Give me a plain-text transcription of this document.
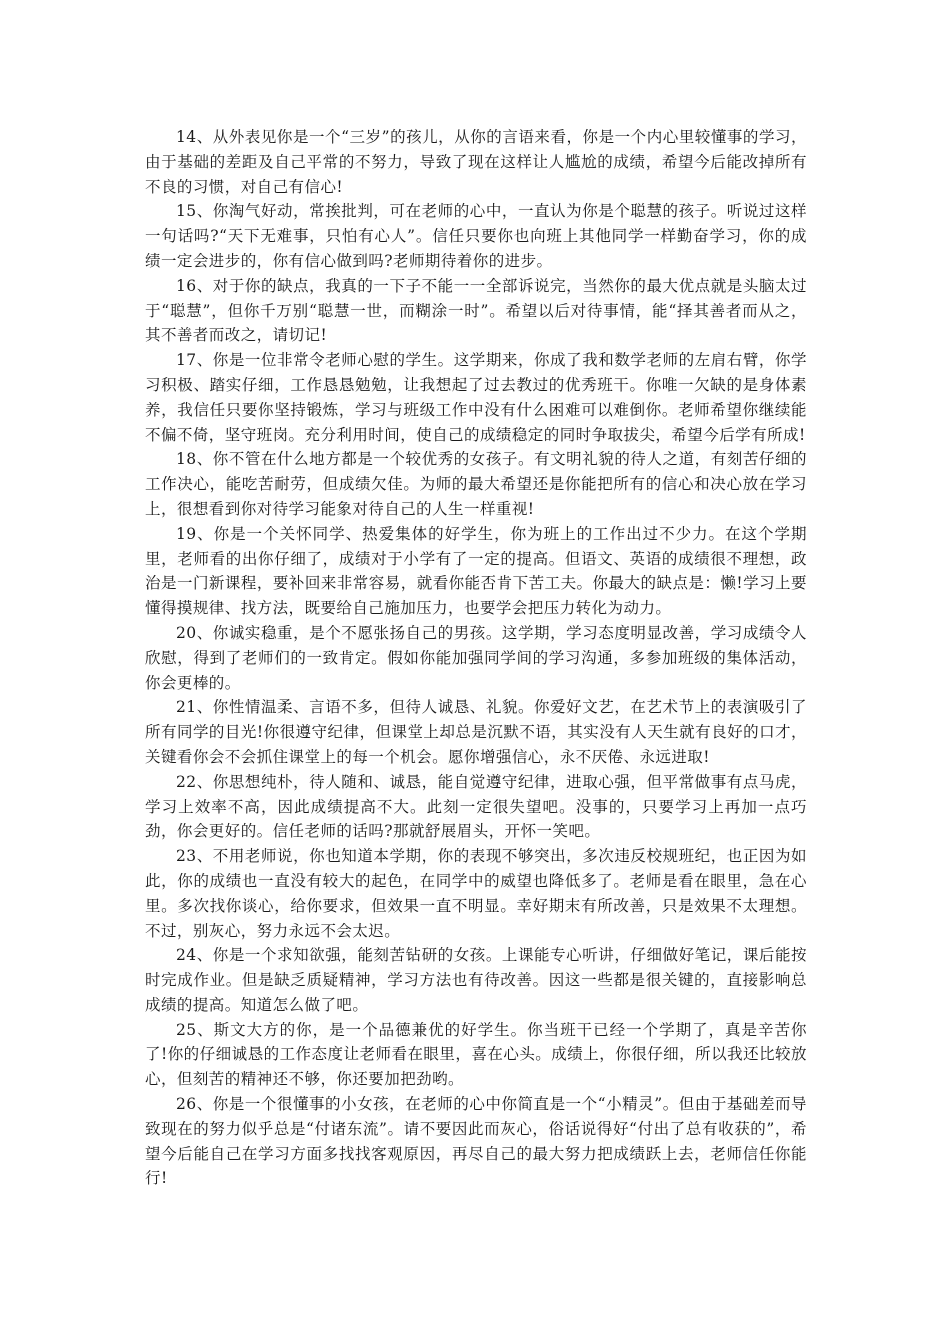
14、从外表见你是一个“三岁”的孩儿，从你的言语来看，你是一个内心里较懂事的学习，由于基础的差距及自己平常的不努力，导致了现在这样让人尴尬的成绩，希望今后能改掉所有不良的习惯，对自己有信心!

15、你淘气好动，常挨批判，可在老师的心中，一直认为你是个聪慧的孩子。听说过这样一句话吗?“天下无难事，只怕有心人”。信任只要你也向班上其他同学一样勤奋学习，你的成绩一定会进步的，你有信心做到吗?老师期待着你的进步。

16、对于你的缺点，我真的一下子不能一一全部诉说完，当然你的最大优点就是头脑太过于“聪慧”，但你千万别“聪慧一世，而糊涂一时”。希望以后对待事情，能“择其善者而从之，其不善者而改之，请切记!

17、你是一位非常令老师心慰的学生。这学期来，你成了我和数学老师的左肩右臂，你学习积极、踏实仔细，工作恳恳勉勉，让我想起了过去教过的优秀班干。你唯一欠缺的是身体素养，我信任只要你坚持锻炼，学习与班级工作中没有什么困难可以难倒你。老师希望你继续能不偏不倚，坚守班岗。充分利用时间，使自己的成绩稳定的同时争取拔尖，希望今后学有所成!

18、你不管在什么地方都是一个较优秀的女孩子。有文明礼貌的待人之道，有刻苦仔细的工作决心，能吃苦耐劳，但成绩欠佳。为师的最大希望还是你能把所有的信心和决心放在学习上，很想看到你对待学习能象对待自己的人生一样重视!

19、你是一个关怀同学、热爱集体的好学生，你为班上的工作出过不少力。在这个学期里，老师看的出你仔细了，成绩对于小学有了一定的提高。但语文、英语的成绩很不理想，政治是一门新课程，要补回来非常容易，就看你能否肯下苦工夫。你最大的缺点是：懒!学习上要懂得摸规律、找方法，既要给自己施加压力，也要学会把压力转化为动力。

20、你诚实稳重，是个不愿张扬自己的男孩。这学期，学习态度明显改善，学习成绩令人欣慰，得到了老师们的一致肯定。假如你能加强同学间的学习沟通，多参加班级的集体活动，你会更棒的。

21、你性情温柔、言语不多，但待人诚恳、礼貌。你爱好文艺，在艺术节上的表演吸引了所有同学的目光!你很遵守纪律，但课堂上却总是沉默不语，其实没有人天生就有良好的口才，关键看你会不会抓住课堂上的每一个机会。愿你增强信心，永不厌倦、永远进取!

22、你思想纯朴，待人随和、诚恳，能自觉遵守纪律，进取心强，但平常做事有点马虎，学习上效率不高，因此成绩提高不大。此刻一定很失望吧。没事的，只要学习上再加一点巧劲，你会更好的。信任老师的话吗?那就舒展眉头，开怀一笑吧。

23、不用老师说，你也知道本学期，你的表现不够突出，多次违反校规班纪，也正因为如此，你的成绩也一直没有较大的起色，在同学中的威望也降低多了。老师是看在眼里，急在心里。多次找你谈心，给你要求，但效果一直不明显。幸好期末有所改善，只是效果不太理想。不过，别灰心，努力永远不会太迟。

24、你是一个求知欲强，能刻苦钻研的女孩。上课能专心听讲，仔细做好笔记，课后能按时完成作业。但是缺乏质疑精神，学习方法也有待改善。因这一些都是很关键的，直接影响总成绩的提高。知道怎么做了吧。

25、斯文大方的你，是一个品德兼优的好学生。你当班干已经一个学期了，真是辛苦你了!你的仔细诚恳的工作态度让老师看在眼里，喜在心头。成绩上，你很仔细，所以我还比较放心，但刻苦的精神还不够，你还要加把劲哟。

26、你是一个很懂事的小女孩，在老师的心中你简直是一个“小精灵”。但由于基础差而导致现在的努力似乎总是“付诸东流”。请不要因此而灰心，俗话说得好“付出了总有收获的”，希望今后能自己在学习方面多找找客观原因，再尽自己的最大努力把成绩跃上去，老师信任你能行!
